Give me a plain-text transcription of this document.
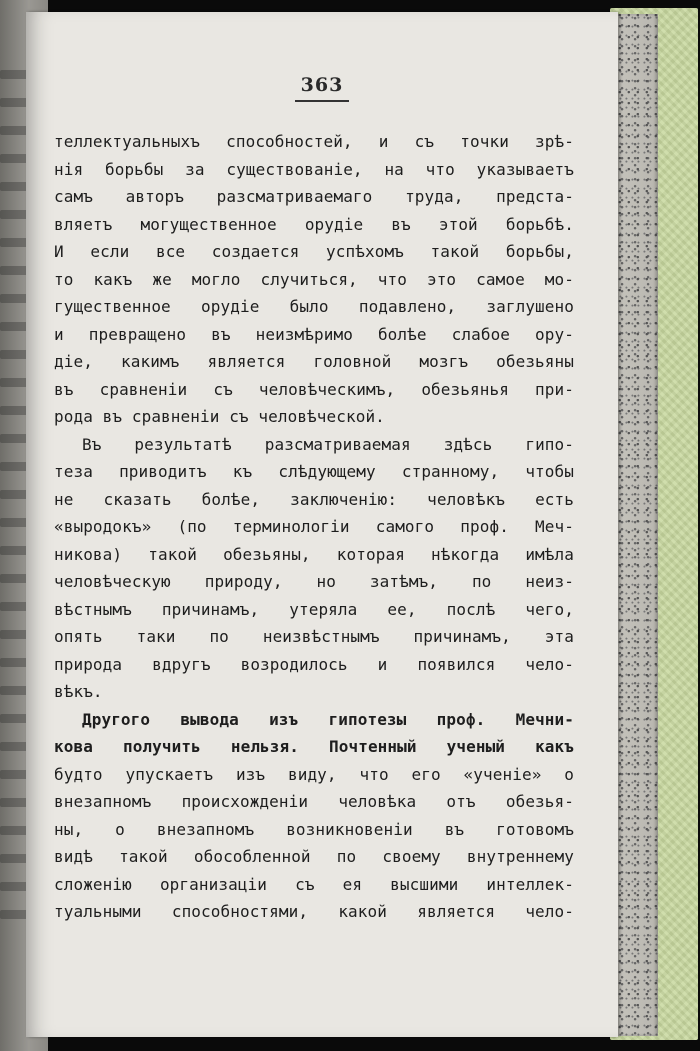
363
теллектуальныхъ способностей, и съ точки зрѣ-
нія борьбы за существованіе, на что указываетъ
самъ авторъ разсматриваемаго труда, предста-
вляетъ могущественное орудіе въ этой борьбѣ.
И если все создается успѣхомъ такой борьбы,
то какъ же могло случиться, что это самое мо-
гущественное орудіе было подавлено, заглушено
и превращено въ неизмѣримо болѣе слабое ору-
діе, какимъ является головной мозгъ обезьяны
въ сравненіи съ человѣческимъ, обезьянья при-
рода въ сравненіи съ человѣческой.
Въ результатѣ разсматриваемая здѣсь гипо-
теза приводитъ къ слѣдующему странному, чтобы
не сказать болѣе, заключенію: человѣкъ есть
«выродокъ» (по терминологіи самого проф. Меч-
никова) такой обезьяны, которая нѣкогда имѣла
человѣческую природу, но затѣмъ, по неиз-
вѣстнымъ причинамъ, утеряла ее, послѣ чего,
опять таки по неизвѣстнымъ причинамъ, эта
природа вдругъ возродилось и появился чело-
вѣкъ.
Другого вывода изъ гипотезы проф. Мечни-
кова получить нельзя. Почтенный ученый какъ
будто упускаетъ изъ виду, что его «ученіе» о
внезапномъ происхожденіи человѣка отъ обезья-
ны, о внезапномъ возникновеніи въ готовомъ
видѣ такой обособленной по своему внутреннему
сложенію организаціи съ ея высшими интеллек-
туальными способностями, какой является чело-
